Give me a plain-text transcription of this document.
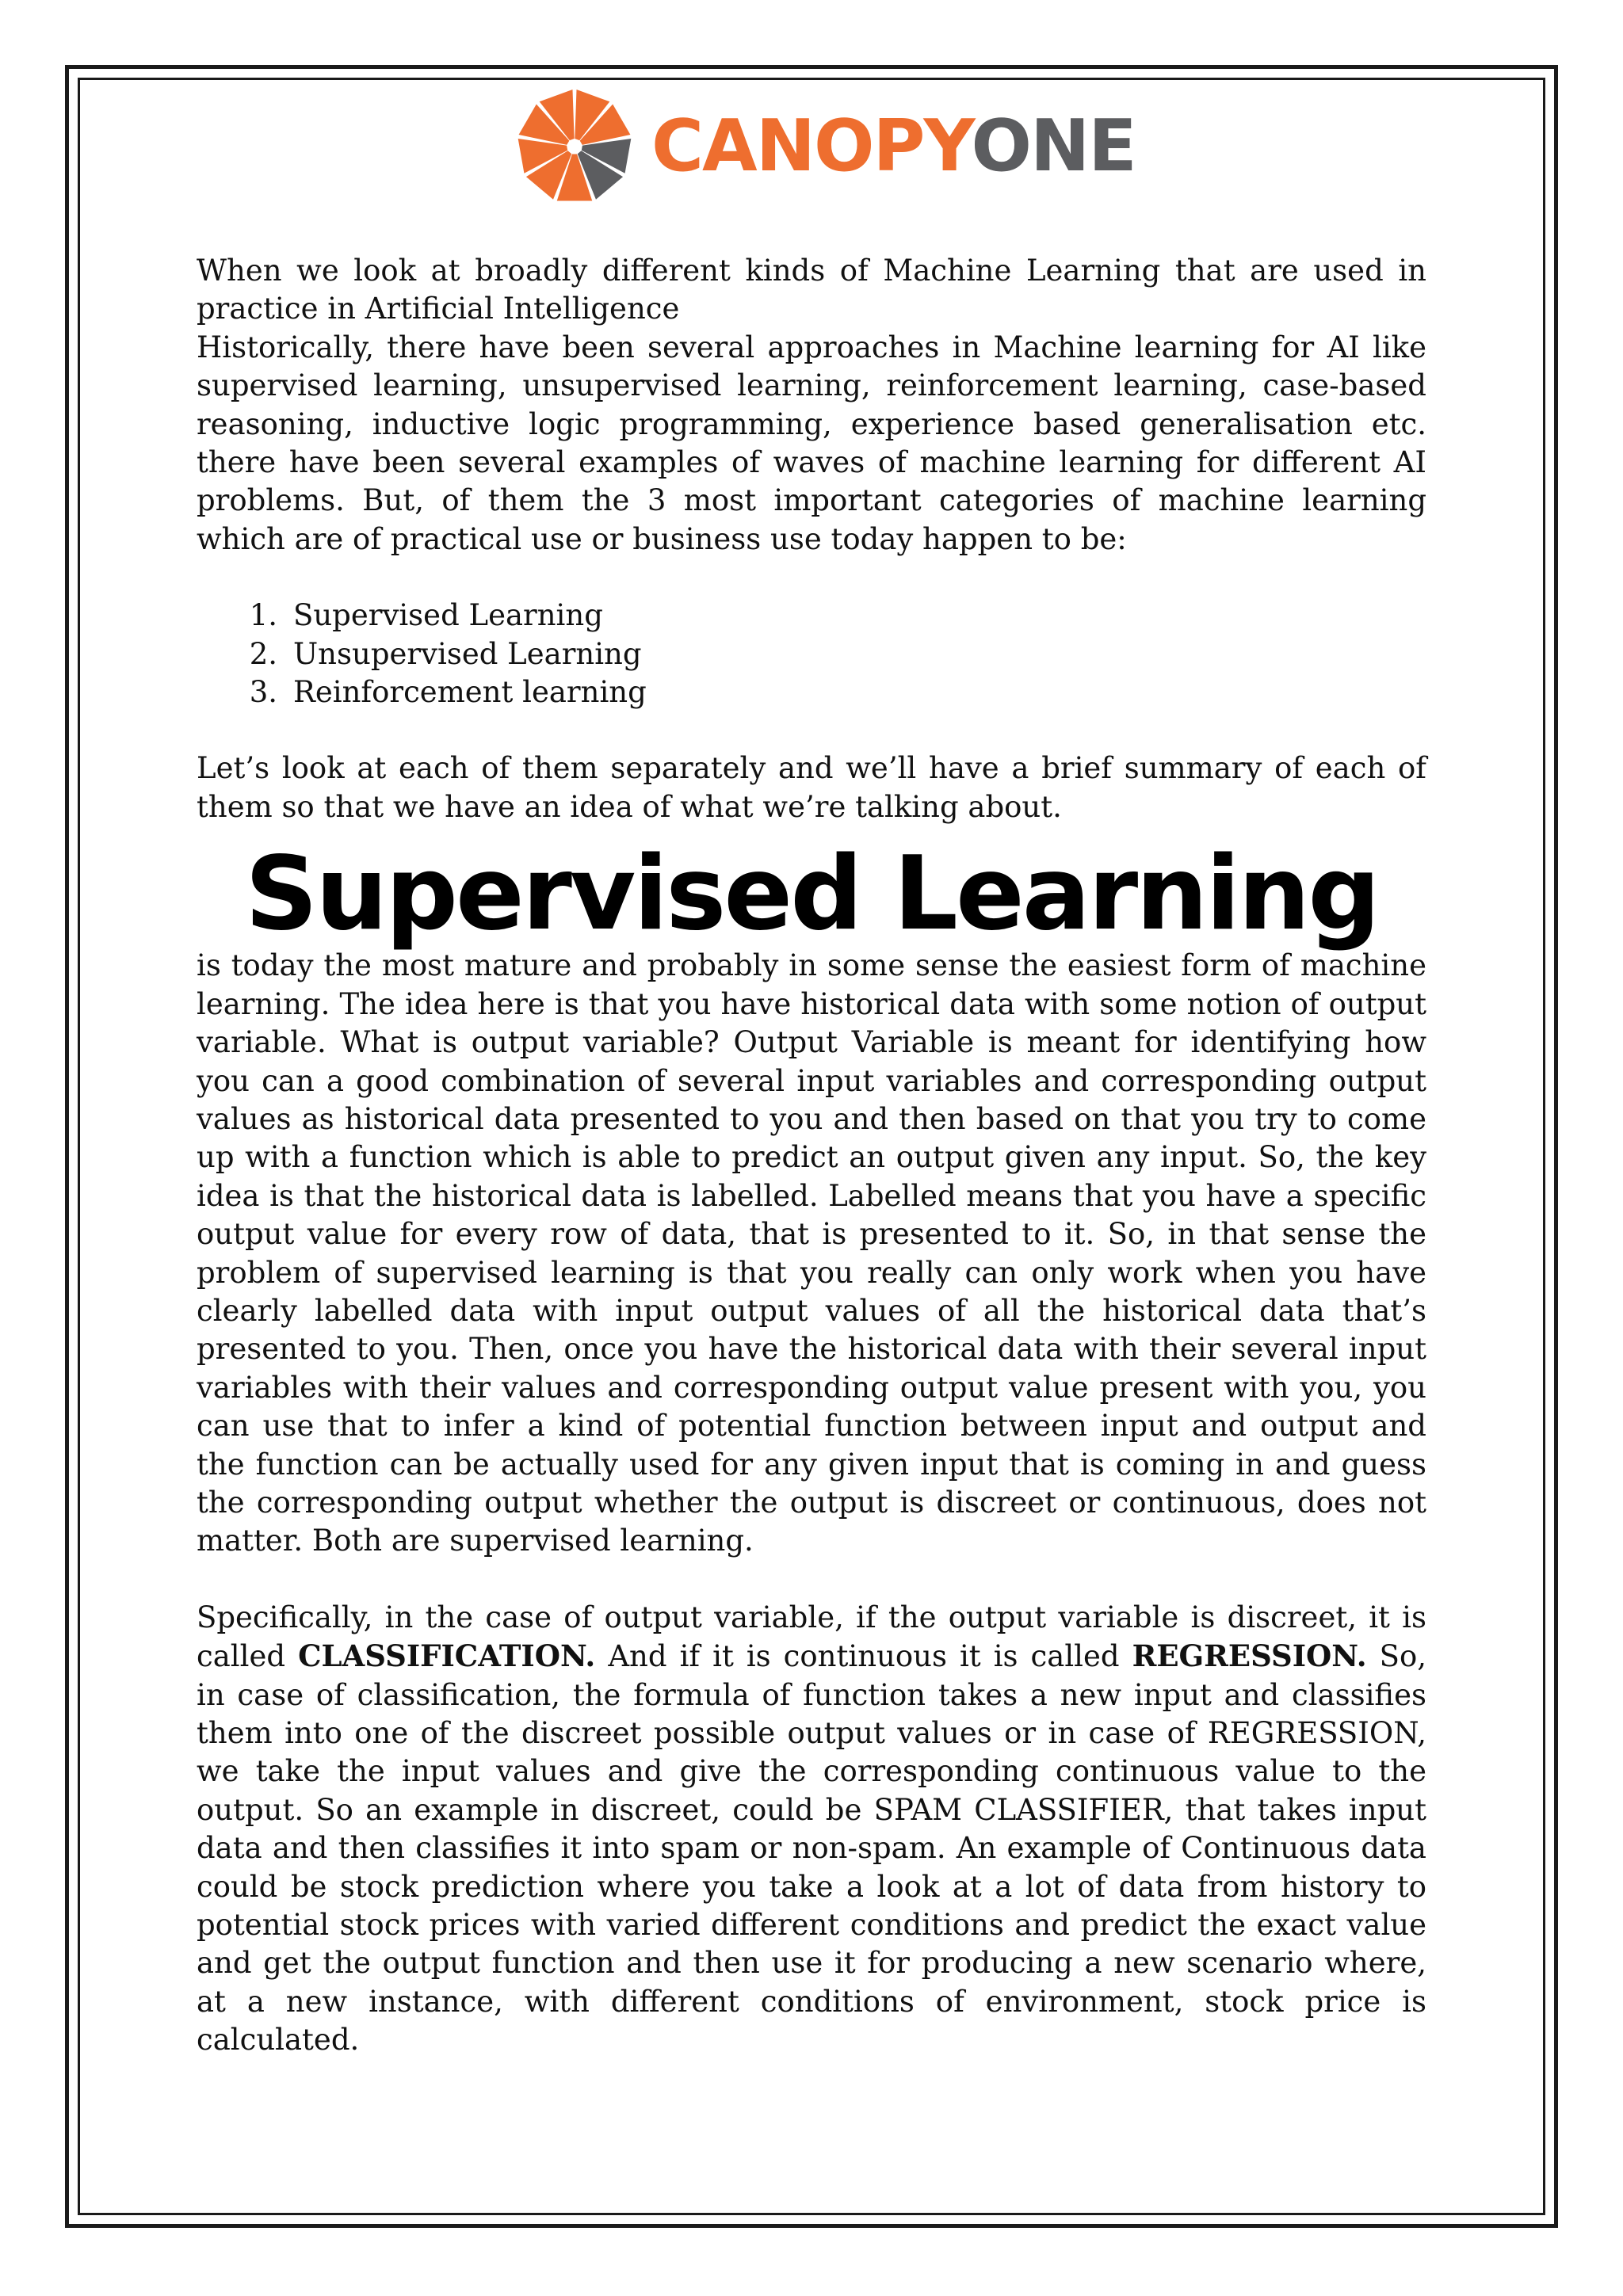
CANOPYONE

When we look at broadly different kinds of Machine Learning that are used in practice in Artificial Intelligence

Historically, there have been several approaches in Machine learning for AI like supervised learning, unsupervised learning, reinforcement learning, case-based reasoning, inductive logic programming, experience based generalisation etc. there have been several examples of waves of machine learning for different AI problems. But, of them the 3 most important categories of machine learning which are of practical use or business use today happen to be:

1. Supervised Learning
2. Unsupervised Learning
3. Reinforcement learning

Let’s look at each of them separately and we’ll have a brief summary of each of them so that we have an idea of what we’re talking about.

Supervised Learning

is today the most mature and probably in some sense the easiest form of machine learning. The idea here is that you have historical data with some notion of output variable. What is output variable? Output Variable is meant for identifying how you can a good combination of several input variables and corresponding output values as historical data presented to you and then based on that you try to come up with a function which is able to predict an output given any input. So, the key idea is that the historical data is labelled. Labelled means that you have a specific output value for every row of data, that is presented to it. So, in that sense the problem of supervised learning is that you really can only work when you have clearly labelled data with input output values of all the historical data that’s presented to you. Then, once you have the historical data with their several input variables with their values and corresponding output value present with you, you can use that to infer a kind of potential function between input and output and the function can be actually used for any given input that is coming in and guess the corresponding output whether the output is discreet or continuous, does not matter. Both are supervised learning.

Specifically, in the case of output variable, if the output variable is discreet, it is called CLASSIFICATION. And if it is continuous it is called REGRESSION. So, in case of classification, the formula of function takes a new input and classifies them into one of the discreet possible output values or in case of REGRESSION, we take the input values and give the corresponding continuous value to the output. So an example in discreet, could be SPAM CLASSIFIER, that takes input data and then classifies it into spam or non-spam. An example of Continuous data could be stock prediction where you take a look at a lot of data from history to potential stock prices with varied different conditions and predict the exact value and get the output function and then use it for producing a new scenario where, at a new instance, with different conditions of environment, stock price is calculated.
